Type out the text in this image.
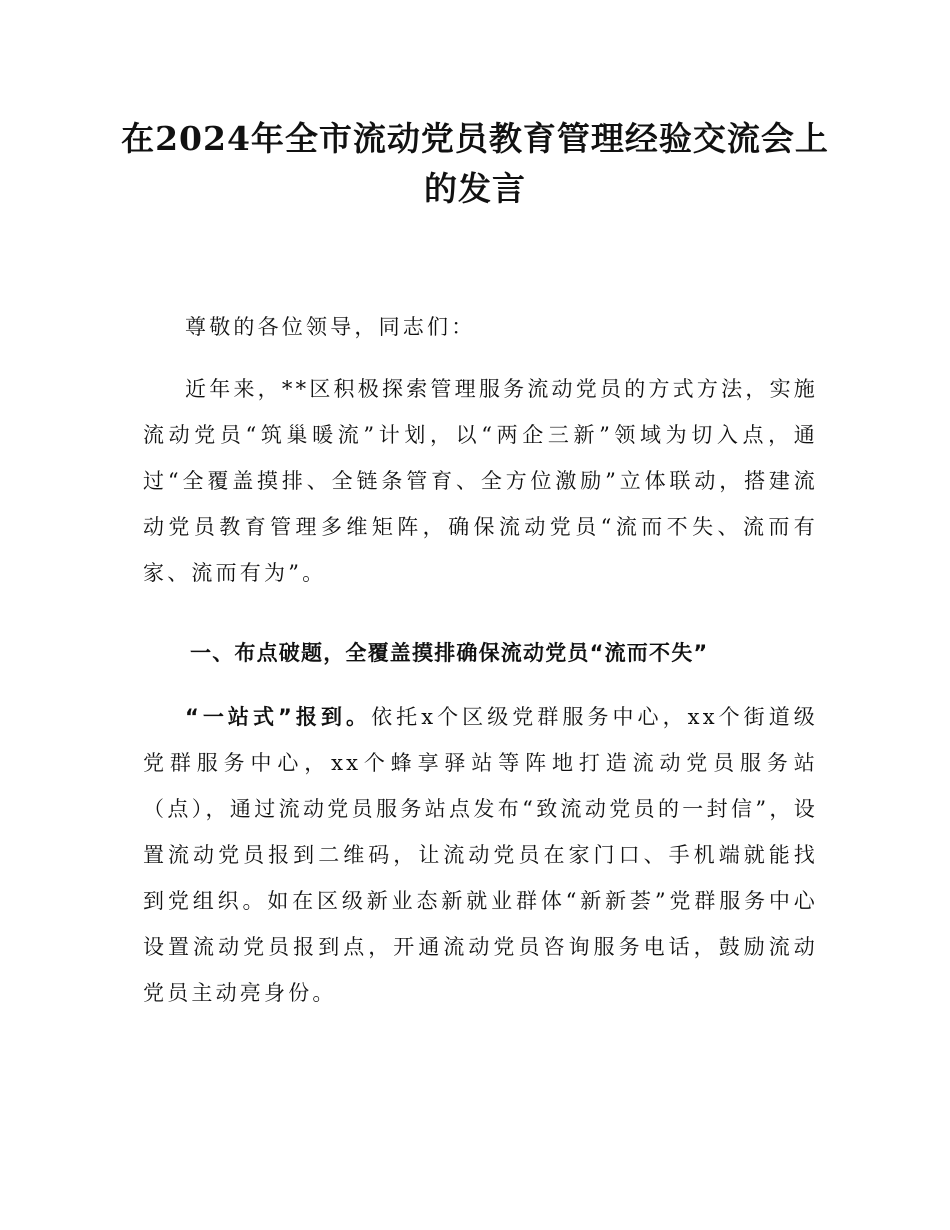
在2024年全市流动党员教育管理经验交流会上的发言
尊敬的各位领导，同志们：
近年来，**区积极探索管理服务流动党员的方式方法，实施流动党员“筑巢暖流”计划，以“两企三新”领域为切入点，通过“全覆盖摸排、全链条管育、全方位激励”立体联动，搭建流动党员教育管理多维矩阵，确保流动党员“流而不失、流而有家、流而有为”。
一、布点破题，全覆盖摸排确保流动党员“流而不失”
“一站式”报到。依托x个区级党群服务中心，xx个街道级党群服务中心，xx个蜂享驿站等阵地打造流动党员服务站（点），通过流动党员服务站点发布“致流动党员的一封信”，设置流动党员报到二维码，让流动党员在家门口、手机端就能找到党组织。如在区级新业态新就业群体“新新荟”党群服务中心设置流动党员报到点，开通流动党员咨询服务电话，鼓励流动党员主动亮身份。
